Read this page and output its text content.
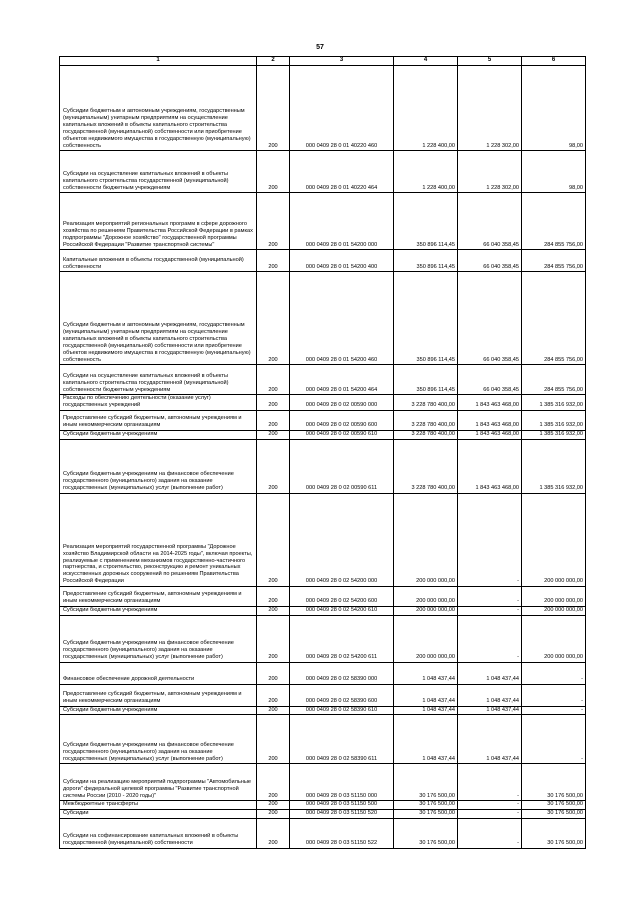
57
1	2	3	4	5	6
Субсидии бюджетным и автономным учреждениям, государственным (муниципальным) унитарным предприятиям на осуществление капитальных вложений в объекты капитального строительства государственной (муниципальной) собственности или приобретение объектов недвижимого имущества в государственную (муниципальную) собственность	200	000 0409 28 0 01 40220 460	1 228 400,00	1 228 302,00	98,00
Субсидии на осуществление капитальных вложений в объекты капитального строительства государственной (муниципальной) собственности бюджетным учреждениям	200	000 0409 28 0 01 40220 464	1 228 400,00	1 228 302,00	98,00
Реализация мероприятий региональных программ в сфере дорожного хозяйства по решениям Правительства Российской Федерации в рамках подпрограммы "Дорожное хозяйство" государственной программы Российской Федерации "Развитие транспортной системы"	200	000 0409 28 0 01 54200 000	350 896 114,45	66 040 358,45	284 855 756,00
Капитальные вложения в объекты государственной (муниципальной) собственности	200	000 0409 28 0 01 54200 400	350 896 114,45	66 040 358,45	284 855 756,00
Субсидии бюджетным и автономным учреждениям, государственным (муниципальным) унитарным предприятиям на осуществление капитальных вложений в объекты капитального строительства государственной (муниципальной) собственности или приобретение объектов недвижимого имущества в государственную (муниципальную) собственность	200	000 0409 28 0 01 54200 460	350 896 114,45	66 040 358,45	284 855 756,00
Субсидии на осуществление капитальных вложений в объекты капитального строительства государственной (муниципальной) собственности бюджетным учреждениям	200	000 0409 28 0 01 54200 464	350 896 114,45	66 040 358,45	284 855 756,00
Расходы по обеспечению деятельности (оказание услуг) государственных учреждений	200	000 0409 28 0 02 00590 000	3 228 780 400,00	1 843 463 468,00	1 385 316 932,00
Предоставление субсидий бюджетным, автономным учреждениям и иным некоммерческим организациям	200	000 0409 28 0 02 00590 600	3 228 780 400,00	1 843 463 468,00	1 385 316 932,00
Субсидии бюджетным учреждениям	200	000 0409 28 0 02 00590 610	3 228 780 400,00	1 843 463 468,00	1 385 316 932,00
Субсидии бюджетным учреждениям на финансовое обеспечение государственного (муниципального) задания на оказание государственных (муниципальных) услуг (выполнение работ)	200	000 0409 28 0 02 00590 611	3 228 780 400,00	1 843 463 468,00	1 385 316 932,00
Реализация мероприятий государственной программы "Дорожное хозяйство Владимирской области на 2014-2025 годы", включая проекты, реализуемые с применением механизмов государственно-частичного партнерства, и строительство, реконструкцию и ремонт уникальных искусственных дорожных сооружений по решениям Правительства Российской Федерации	200	000 0409 28 0 02 54200 000	200 000 000,00	-	200 000 000,00
Предоставление субсидий бюджетным, автономным учреждениям и иным некоммерческим организациям	200	000 0409 28 0 02 54200 600	200 000 000,00	-	200 000 000,00
Субсидии бюджетным учреждениям	200	000 0409 28 0 02 54200 610	200 000 000,00	-	200 000 000,00
Субсидии бюджетным учреждениям на финансовое обеспечение государственного (муниципального) задания на оказание государственных (муниципальных) услуг (выполнение работ)	200	000 0409 28 0 02 54200 611	200 000 000,00	-	200 000 000,00
Финансовое обеспечение дорожной деятельности	200	000 0409 28 0 02 58390 000	1 048 437,44	1 048 437,44	-
Предоставление субсидий бюджетным, автономным учреждениям и иным некоммерческим организациям	200	000 0409 28 0 02 58390 600	1 048 437,44	1 048 437,44	-
Субсидии бюджетным учреждениям	200	000 0409 28 0 02 58390 610	1 048 437,44	1 048 437,44	-
Субсидии бюджетным учреждениям на финансовое обеспечение государственного (муниципального) задания на оказание государственных (муниципальных) услуг (выполнение работ)	200	000 0409 28 0 02 58390 611	1 048 437,44	1 048 437,44	-
Субсидии на реализацию мероприятий подпрограммы "Автомобильные дороги" федеральной целевой программы "Развитие транспортной системы России (2010 - 2020 годы)"	200	000 0409 28 0 03 51150 000	30 176 500,00	-	30 176 500,00
Межбюджетные трансферты	200	000 0409 28 0 03 51150 500	30 176 500,00	-	30 176 500,00
Субсидии	200	000 0409 28 0 03 51150 520	30 176 500,00	-	30 176 500,00
Субсидии на софинансирование капитальных вложений в объекты государственной (муниципальной) собственности	200	000 0409 28 0 03 51150 522	30 176 500,00	-	30 176 500,00
